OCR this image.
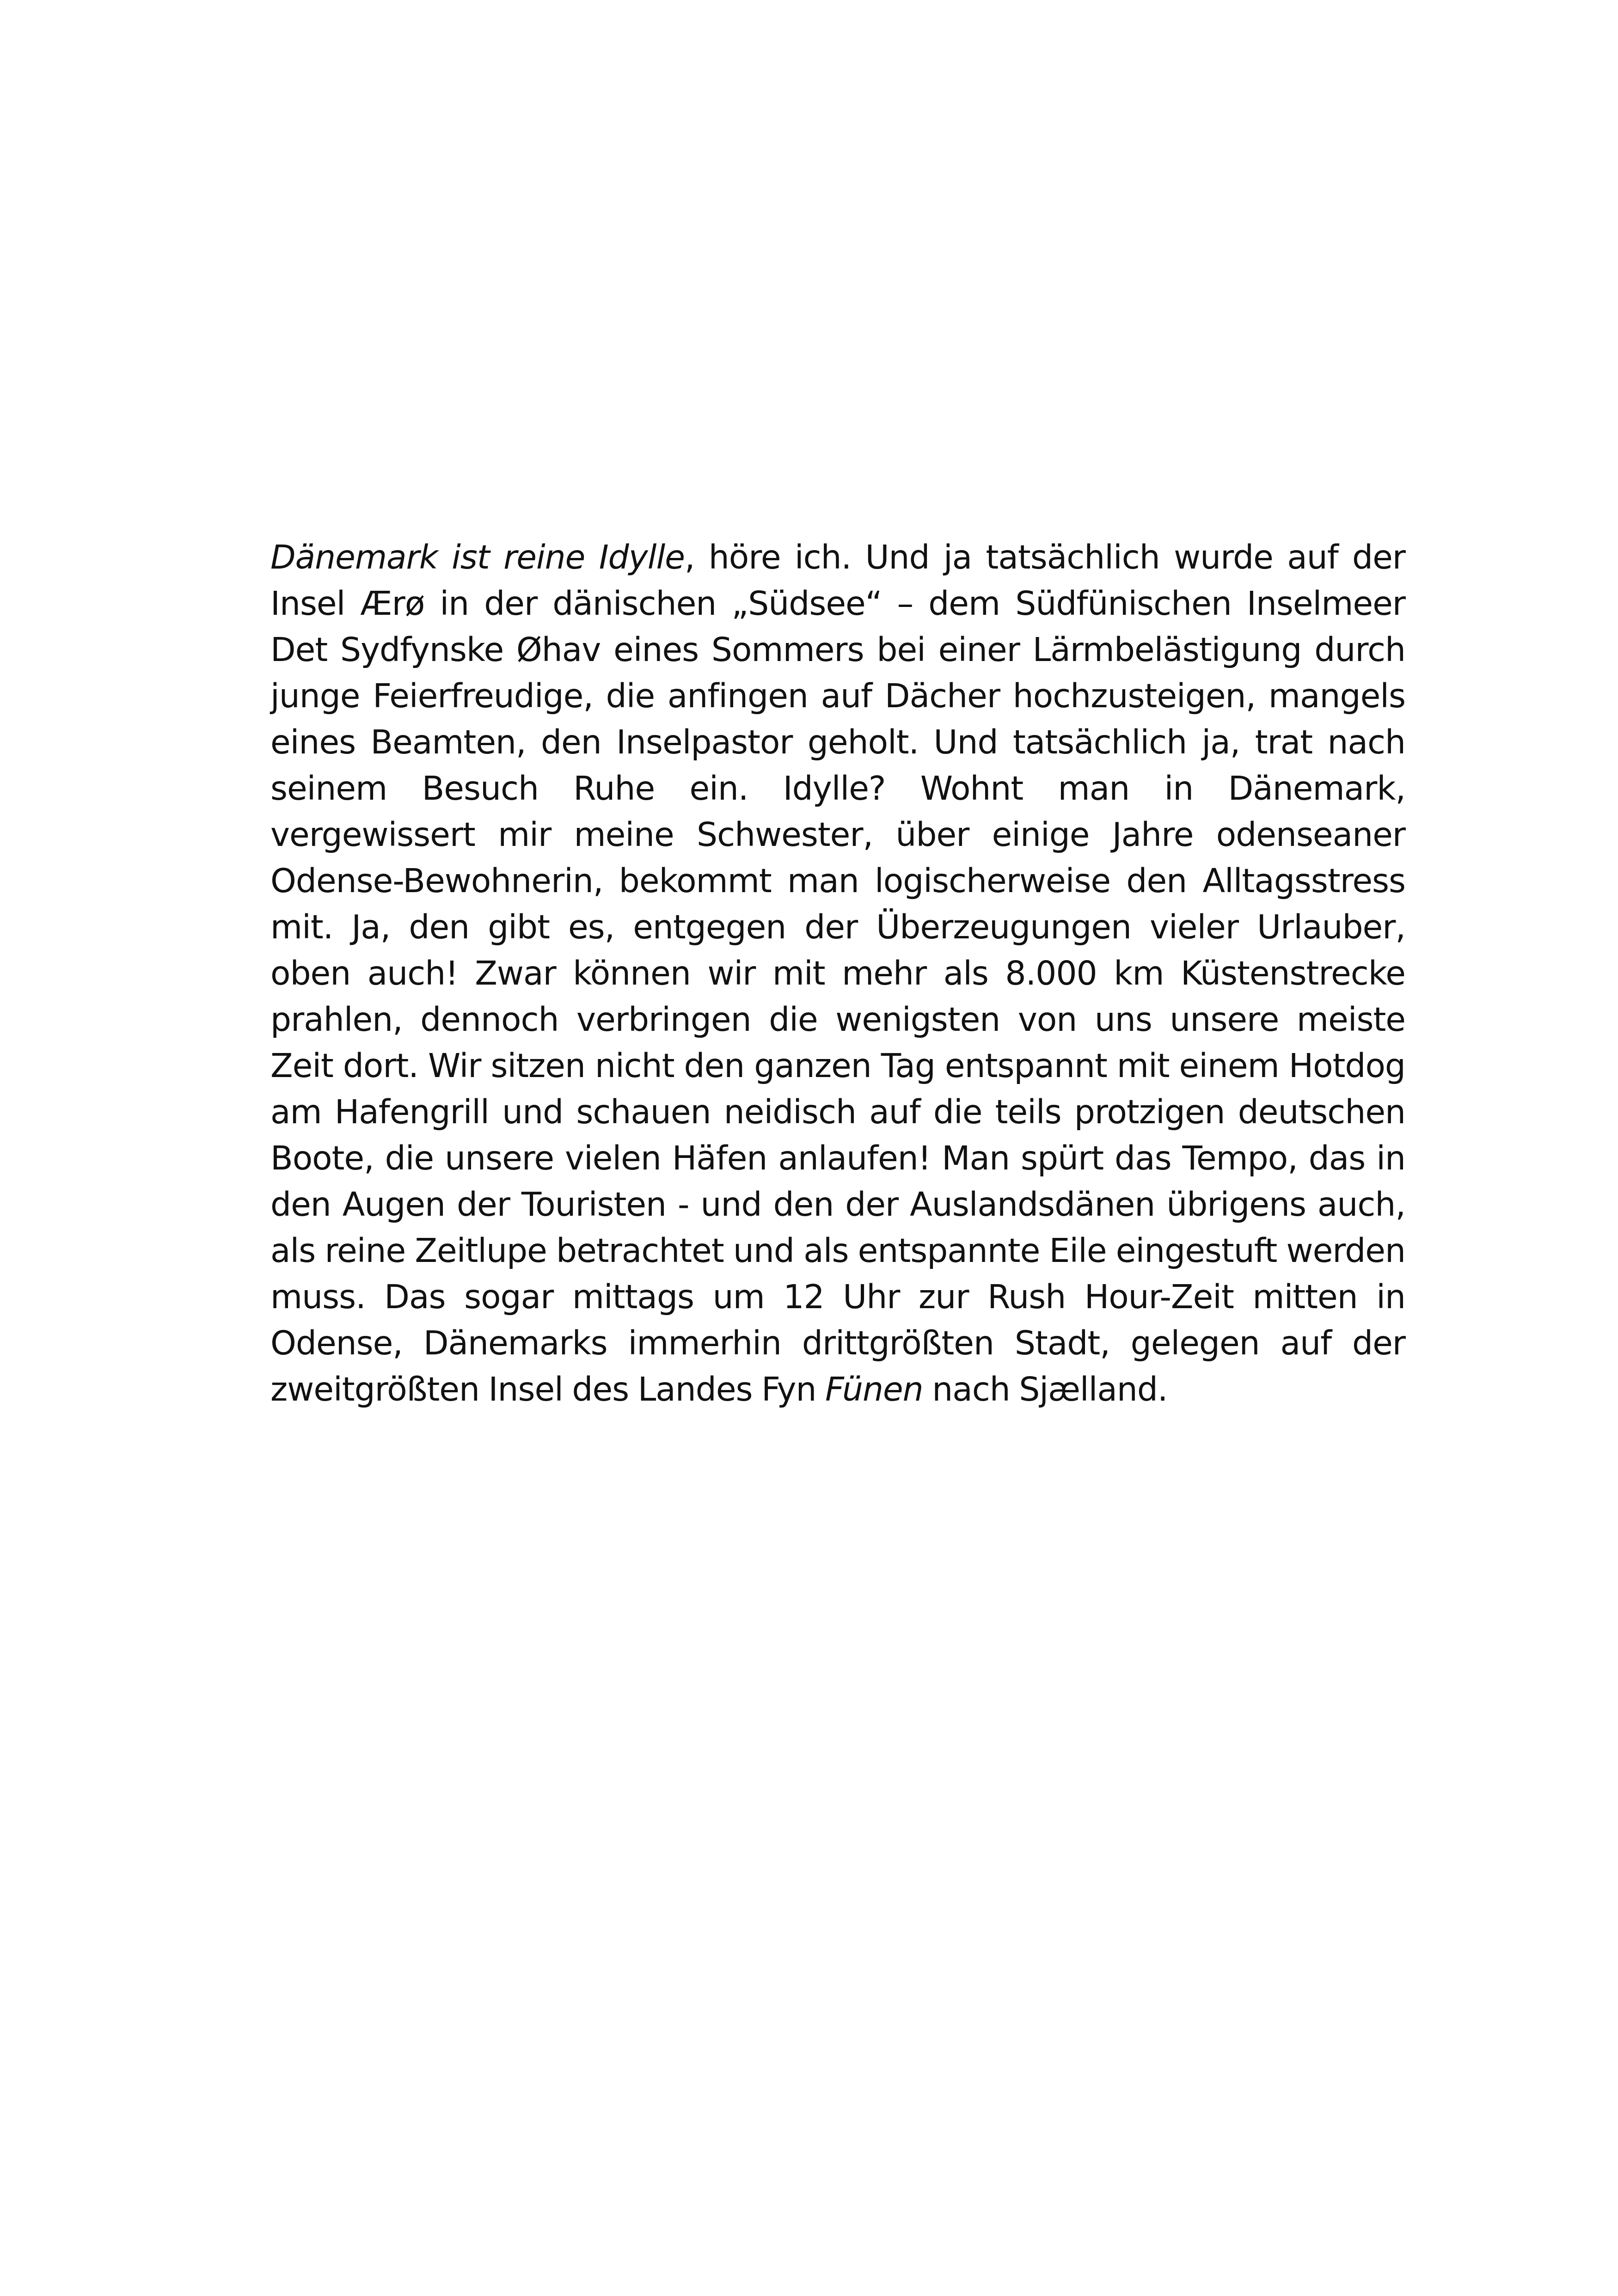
Dänemark ist reine Idylle, höre ich. Und ja tatsächlich wurde auf der Insel Ærø in der dänischen „Südsee“ – dem Südfünischen Inselmeer Det Sydfynske Øhav eines Sommers bei einer Lärmbelästigung durch junge Feierfreudige, die anfingen auf Dächer hochzusteigen, mangels eines Beamten, den Inselpastor geholt. Und tatsächlich ja, trat nach seinem Besuch Ruhe ein. Idylle? Wohnt man in Dänemark, vergewissert mir meine Schwester, über einige Jahre odenseaner Odense-Bewohnerin, bekommt man logischerweise den Alltagsstress mit. Ja, den gibt es, entgegen der Überzeugungen vieler Urlauber, oben auch! Zwar können wir mit mehr als 8.000 km Küstenstrecke prahlen, dennoch verbringen die wenigsten von uns unsere meiste Zeit dort. Wir sitzen nicht den ganzen Tag entspannt mit einem Hotdog am Hafengrill und schauen neidisch auf die teils protzigen deutschen Boote, die unsere vielen Häfen anlaufen! Man spürt das Tempo, das in den Augen der Touristen - und den der Auslandsdänen übrigens auch, als reine Zeitlupe betrachtet und als entspannte Eile eingestuft werden muss. Das sogar mittags um 12 Uhr zur Rush Hour-Zeit mitten in Odense, Dänemarks immerhin drittgrößten Stadt, gelegen auf der zweitgrößten Insel des Landes Fyn Fünen nach Sjælland.
